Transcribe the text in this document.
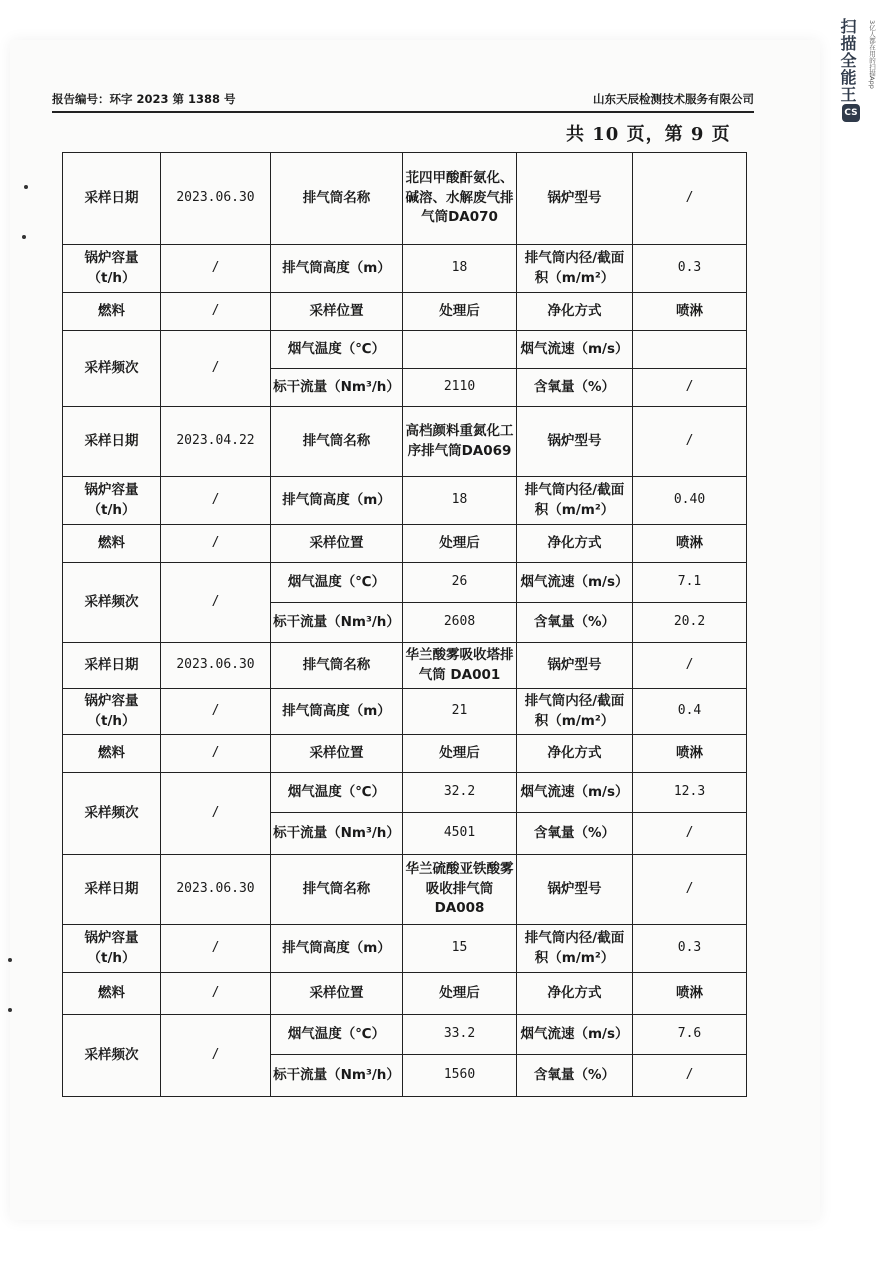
扫描全能王	3亿人都在用的扫描App
CS
报告编号：环字 2023 第 1388 号	山东天辰检测技术服务有限公司
共 10 页，第 9 页
采样日期	2023.06.30	排气筒名称	苝四甲酸酐氨化、碱溶、水解废气排气筒DA070	锅炉型号	/
锅炉容量（t/h）	/	排气筒高度（m）	18	排气筒内径/截面积（m/m²）	0.3
燃料	/	采样位置	处理后	净化方式	喷淋
采样频次	/	烟气温度（℃）		烟气流速（m/s）	
		标干流量（Nm³/h）	2110	含氧量（%）	/
采样日期	2023.04.22	排气筒名称	高档颜料重氮化工序排气筒DA069	锅炉型号	/
锅炉容量（t/h）	/	排气筒高度（m）	18	排气筒内径/截面积（m/m²）	0.40
燃料	/	采样位置	处理后	净化方式	喷淋
采样频次	/	烟气温度（℃）	26	烟气流速（m/s）	7.1
		标干流量（Nm³/h）	2608	含氧量（%）	20.2
采样日期	2023.06.30	排气筒名称	华兰酸雾吸收塔排气筒 DA001	锅炉型号	/
锅炉容量（t/h）	/	排气筒高度（m）	21	排气筒内径/截面积（m/m²）	0.4
燃料	/	采样位置	处理后	净化方式	喷淋
采样频次	/	烟气温度（℃）	32.2	烟气流速（m/s）	12.3
		标干流量（Nm³/h）	4501	含氧量（%）	/
采样日期	2023.06.30	排气筒名称	华兰硫酸亚铁酸雾吸收排气筒 DA008	锅炉型号	/
锅炉容量（t/h）	/	排气筒高度（m）	15	排气筒内径/截面积（m/m²）	0.3
燃料	/	采样位置	处理后	净化方式	喷淋
采样频次	/	烟气温度（℃）	33.2	烟气流速（m/s）	7.6
		标干流量（Nm³/h）	1560	含氧量（%）	/
